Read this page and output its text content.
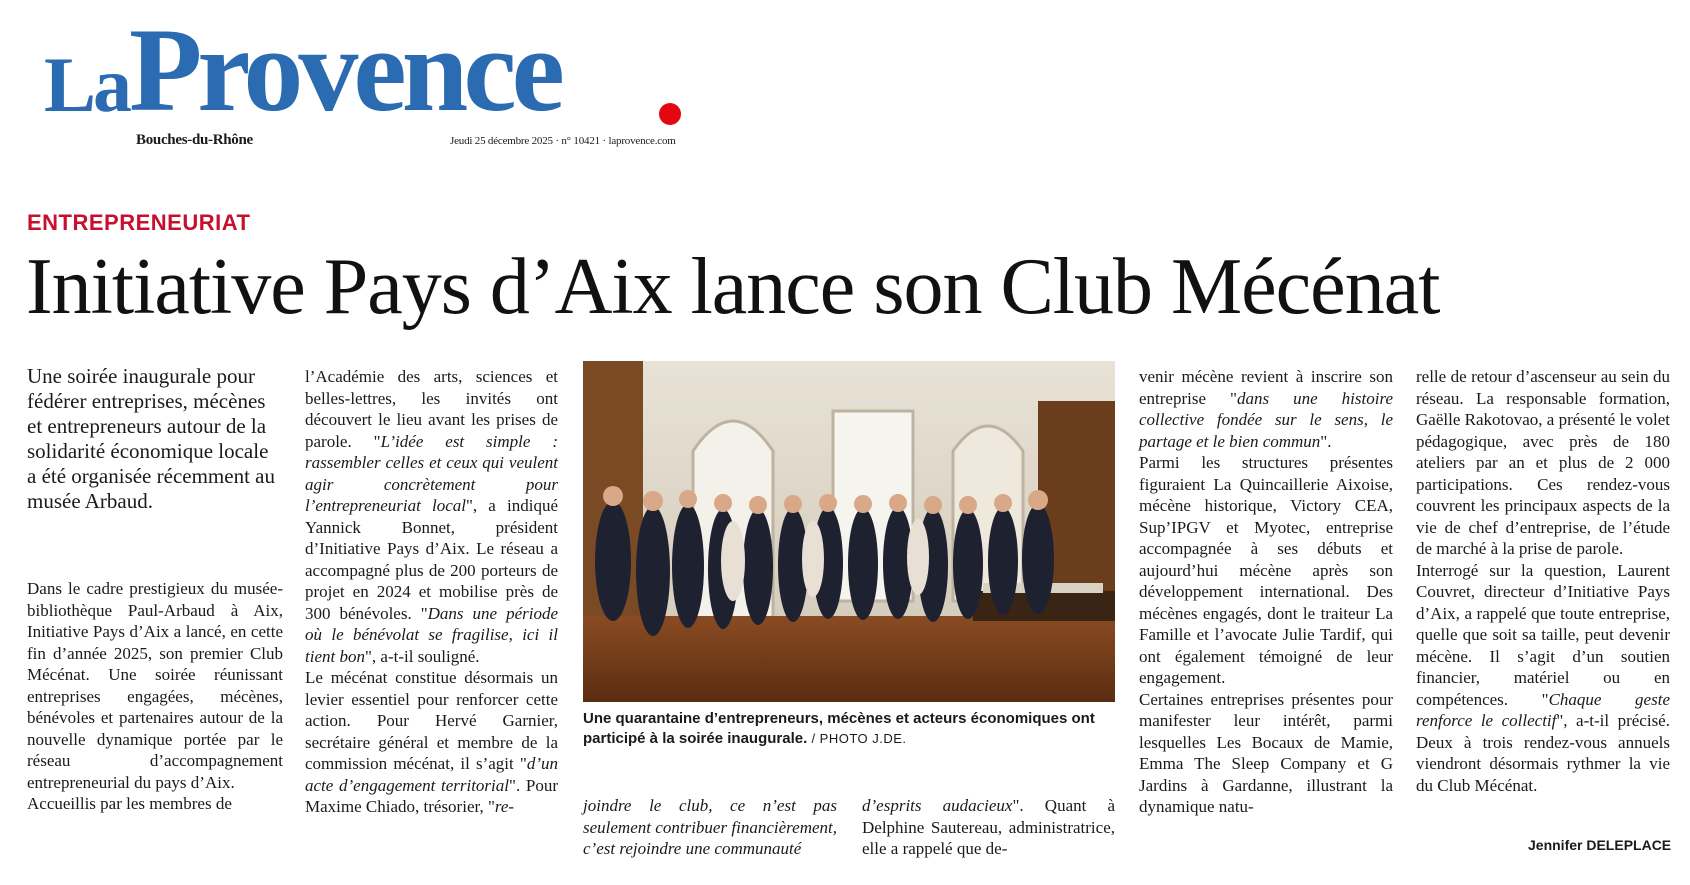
La Provence
Bouches-du-Rhône	Jeudi 25 décembre 2025 · n° 10421 · laprovence.com
ENTREPRENEURIAT
Initiative Pays d’Aix lance son Club Mécénat
Une soirée inaugurale pour fédérer entreprises, mécènes et entrepreneurs autour de la solidarité économique locale a été organisée récemment au musée Arbaud.

Dans le cadre prestigieux du musée-bibliothèque Paul-Arbaud à Aix, Initiative Pays d’Aix a lancé, en cette fin d’année 2025, son premier Club Mécénat. Une soirée réunissant entreprises engagées, mécènes, bénévoles et partenaires autour de la nouvelle dynamique portée par le réseau d’accompagnement entrepreneurial du pays d’Aix.

Accueillis par les membres de

l’Académie des arts, sciences et belles-lettres, les invités ont découvert le lieu avant les prises de parole. "L’idée est simple : rassembler celles et ceux qui veulent agir concrètement pour l’entrepreneuriat local", a indiqué Yannick Bonnet, président d’Initiative Pays d’Aix. Le réseau a accompagné plus de 200 porteurs de projet en 2024 et mobilise près de 300 bénévoles. "Dans une période où le bénévolat se fragilise, ici il tient bon", a-t-il souligné.

Le mécénat constitue désormais un levier essentiel pour renforcer cette action. Pour Hervé Garnier, secrétaire général et membre de la commission mécénat, il s’agit "d’un acte d’engagement territorial". Pour Maxime Chiado, trésorier, "re-

Une quarantaine d’entrepreneurs, mécènes et acteurs économiques ont participé à la soirée inaugurale. / PHOTO J.DE.

joindre le club, ce n’est pas seulement contribuer financièrement, c’est rejoindre une communauté

d’esprits audacieux". Quant à Delphine Sautereau, administratrice, elle a rappelé que de-

venir mécène revient à inscrire son entreprise "dans une histoire collective fondée sur le sens, le partage et le bien commun".

Parmi les structures présentes figuraient La Quincaillerie Aixoise, mécène historique, Victory CEA, Sup’IPGV et Myotec, entreprise accompagnée à ses débuts et aujourd’hui mécène après son développement international. Des mécènes engagés, dont le traiteur La Famille et l’avocate Julie Tardif, qui ont également témoigné de leur engagement.

Certaines entreprises présentes pour manifester leur intérêt, parmi lesquelles Les Bocaux de Mamie, Emma The Sleep Company et G Jardins à Gardanne, illustrant la dynamique natu-

relle de retour d’ascenseur au sein du réseau. La responsable formation, Gaëlle Rakotovao, a présenté le volet pédagogique, avec près de 180 ateliers par an et plus de 2 000 participations. Ces rendez-vous couvrent les principaux aspects de la vie de chef d’entreprise, de l’étude de marché à la prise de parole.

Interrogé sur la question, Laurent Couvret, directeur d’Initiative Pays d’Aix, a rappelé que toute entreprise, quelle que soit sa taille, peut devenir mécène. Il s’agit d’un soutien financier, matériel ou en compétences. "Chaque geste renforce le collectif", a-t-il précisé. Deux à trois rendez-vous annuels viendront désormais rythmer la vie du Club Mécénat.

Jennifer DELEPLACE
